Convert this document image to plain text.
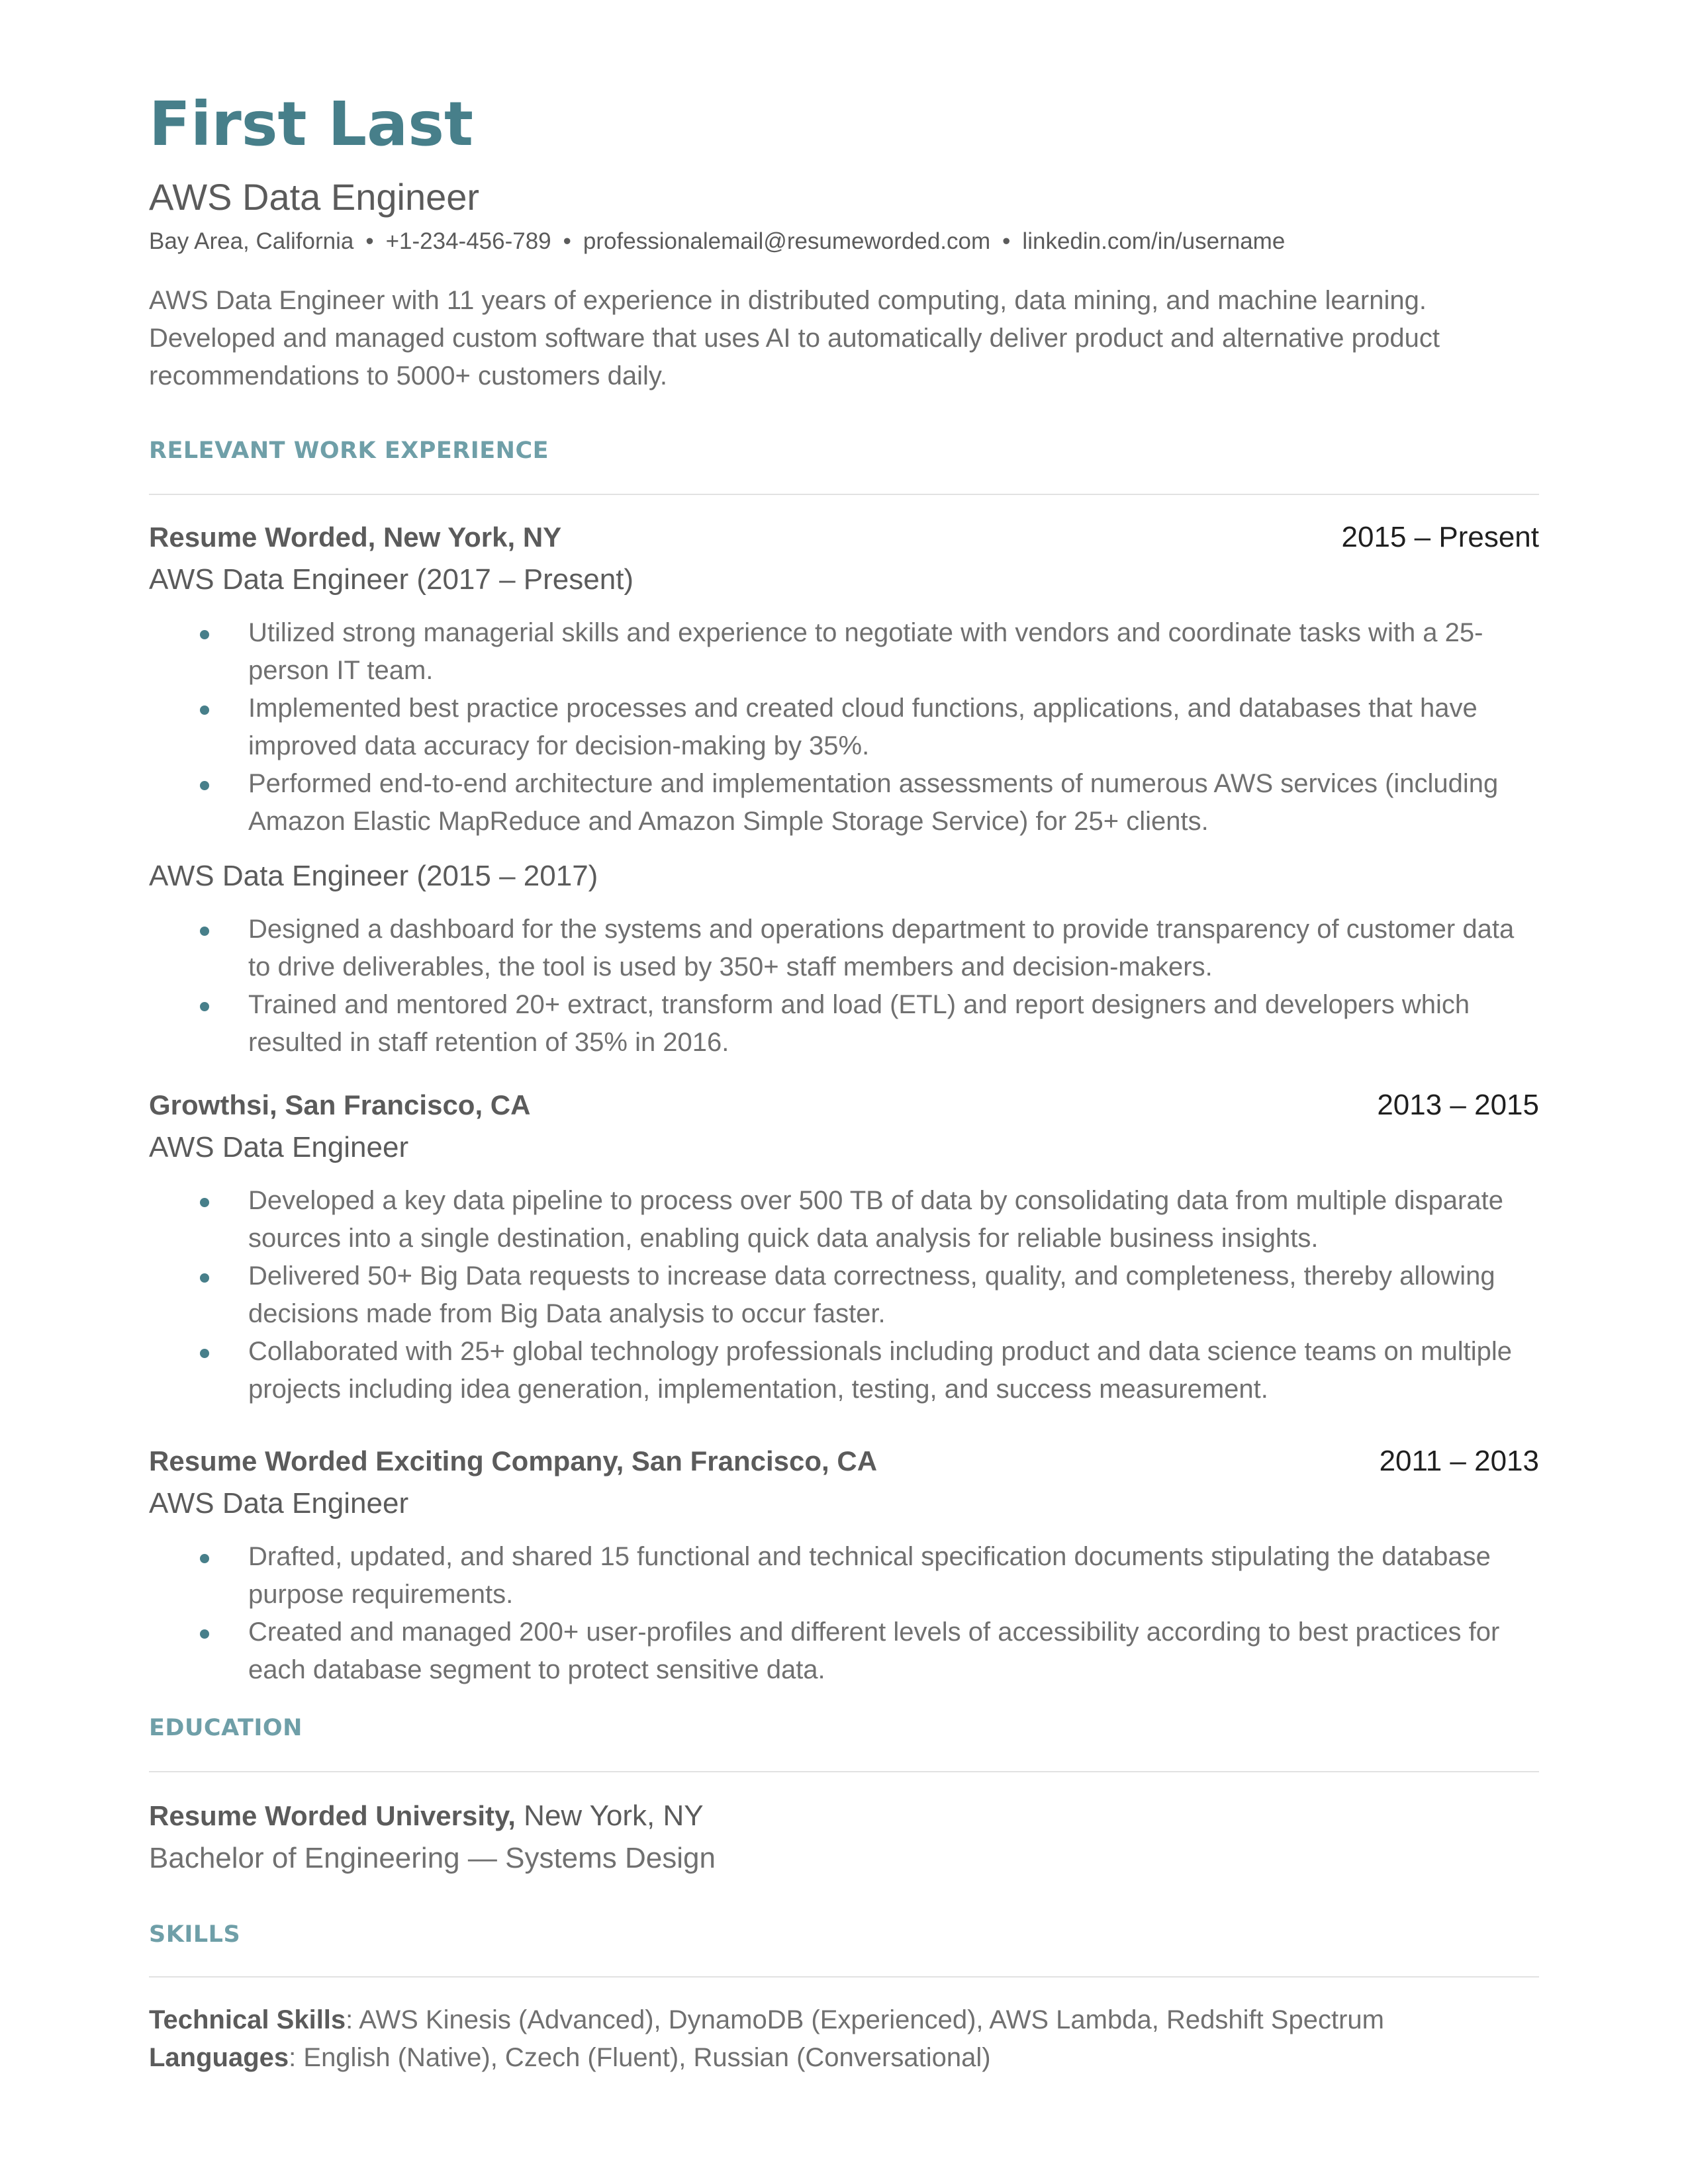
First Last
AWS Data Engineer
Bay Area, California • +1-234-456-789 • professionalemail@resumeworded.com • linkedin.com/in/username
AWS Data Engineer with 11 years of experience in distributed computing, data mining, and machine learning. Developed and managed custom software that uses AI to automatically deliver product and alternative product recommendations to 5000+ customers daily.
RELEVANT WORK EXPERIENCE
Resume Worded, New York, NY	2015 – Present
AWS Data Engineer (2017 – Present)
Utilized strong managerial skills and experience to negotiate with vendors and coordinate tasks with a 25-person IT team.
Implemented best practice processes and created cloud functions, applications, and databases that have improved data accuracy for decision-making by 35%.
Performed end-to-end architecture and implementation assessments of numerous AWS services (including Amazon Elastic MapReduce and Amazon Simple Storage Service) for 25+ clients.
AWS Data Engineer (2015 – 2017)
Designed a dashboard for the systems and operations department to provide transparency of customer data to drive deliverables, the tool is used by 350+ staff members and decision-makers.
Trained and mentored 20+ extract, transform and load (ETL) and report designers and developers which resulted in staff retention of 35% in 2016.
Growthsi, San Francisco, CA	2013 – 2015
AWS Data Engineer
Developed a key data pipeline to process over 500 TB of data by consolidating data from multiple disparate sources into a single destination, enabling quick data analysis for reliable business insights.
Delivered 50+ Big Data requests to increase data correctness, quality, and completeness, thereby allowing decisions made from Big Data analysis to occur faster.
Collaborated with 25+ global technology professionals including product and data science teams on multiple projects including idea generation, implementation, testing, and success measurement.
Resume Worded Exciting Company, San Francisco, CA	2011 – 2013
AWS Data Engineer
Drafted, updated, and shared 15 functional and technical specification documents stipulating the database purpose requirements.
Created and managed 200+ user-profiles and different levels of accessibility according to best practices for each database segment to protect sensitive data.
EDUCATION
Resume Worded University, New York, NY
Bachelor of Engineering — Systems Design
SKILLS
Technical Skills: AWS Kinesis (Advanced), DynamoDB (Experienced), AWS Lambda, Redshift Spectrum
Languages: English (Native), Czech (Fluent), Russian (Conversational)
